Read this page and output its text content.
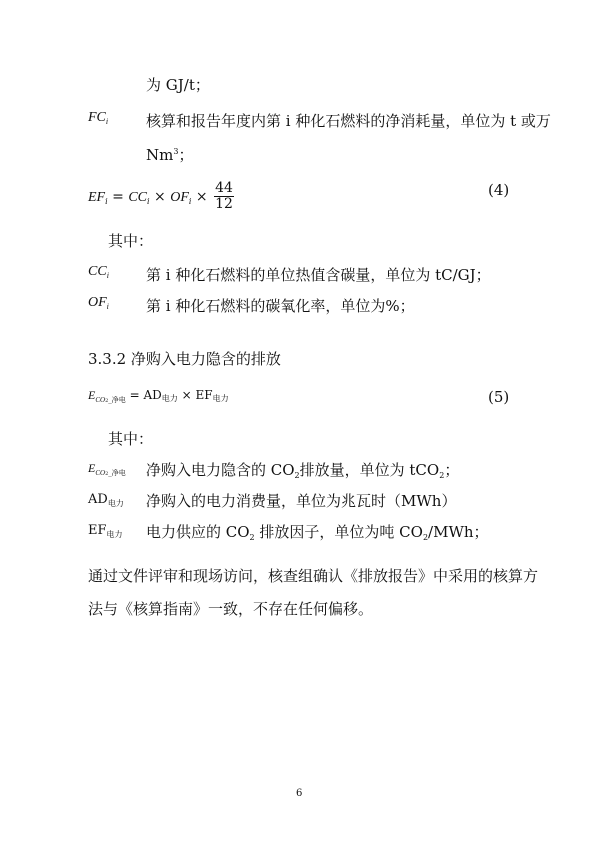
为 GJ/t；
$FC_i$	核算和报告年度内第 i 种化石燃料的净消耗量，单位为 t 或万
Nm$^3$；
$EF_i = CC_i \times OF_i \times \frac{44}{12}$	(4)
其中：
$CC_i$ 第 i 种化石燃料的单位热值含碳量，单位为 tC/GJ；
$OF_i$ 第 i 种化石燃料的碳氧化率，单位为%；
3.3.2 净购入电力隐含的排放
$E_{CO2\_净电}$ = AD电力 × EF电力	(5)
其中：
$E_{CO2\_净电}$ 净购入电力隐含的 $CO_2$排放量，单位为 tCO$_2$；
$AD_{电力}$ 净购入的电力消费量，单位为兆瓦时（MWh）
$EF_{电力}$ 电力供应的 $CO_2$ 排放因子，单位为吨 $CO_2$/MWh；
通过文件评审和现场访问，核查组确认《排放报告》中采用的核算方
法与《核算指南》一致，不存在任何偏移。
6
